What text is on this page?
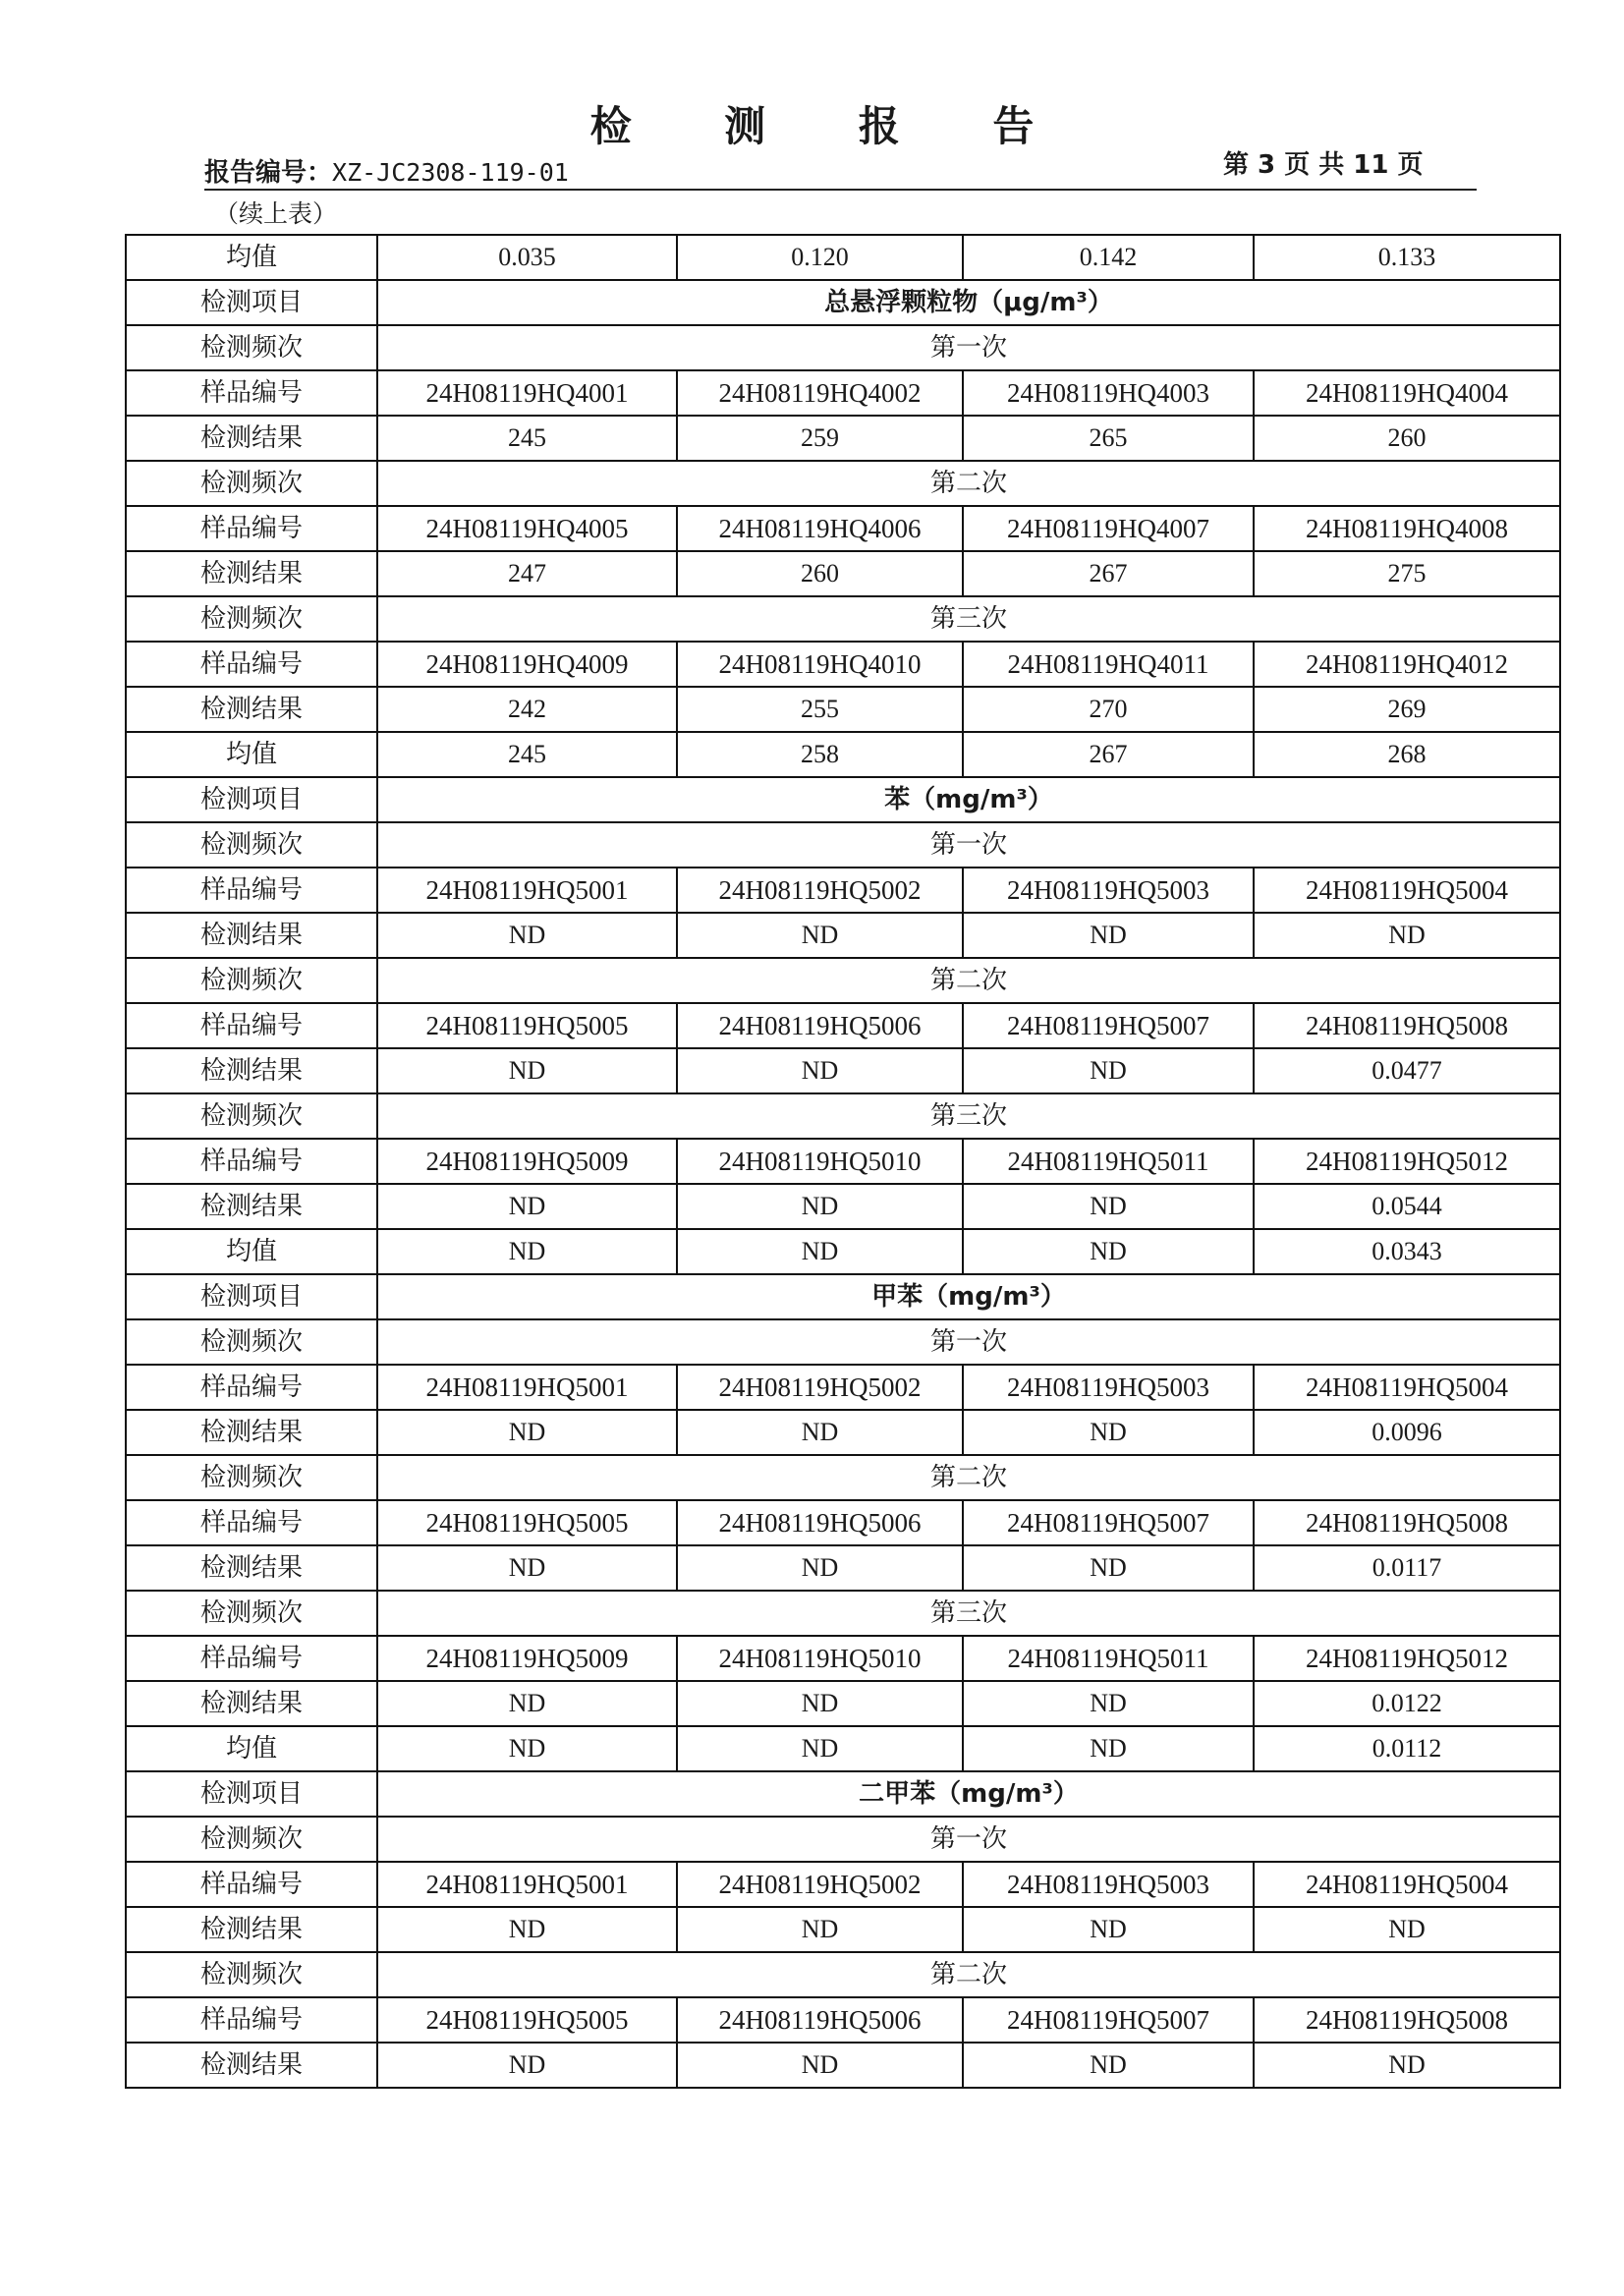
检 测 报 告
报告编号：XZ-JC2308-119-01	第 3 页 共 11 页
（续上表）
均值	0.035	0.120	0.142	0.133
检测项目	总悬浮颗粒物（μg/m³）			
检测频次	第一次			
样品编号	24H08119HQ4001	24H08119HQ4002	24H08119HQ4003	24H08119HQ4004
检测结果	245	259	265	260
检测频次	第二次			
样品编号	24H08119HQ4005	24H08119HQ4006	24H08119HQ4007	24H08119HQ4008
检测结果	247	260	267	275
检测频次	第三次			
样品编号	24H08119HQ4009	24H08119HQ4010	24H08119HQ4011	24H08119HQ4012
检测结果	242	255	270	269
均值	245	258	267	268
检测项目	苯（mg/m³）			
检测频次	第一次			
样品编号	24H08119HQ5001	24H08119HQ5002	24H08119HQ5003	24H08119HQ5004
检测结果	ND	ND	ND	ND
检测频次	第二次			
样品编号	24H08119HQ5005	24H08119HQ5006	24H08119HQ5007	24H08119HQ5008
检测结果	ND	ND	ND	0.0477
检测频次	第三次			
样品编号	24H08119HQ5009	24H08119HQ5010	24H08119HQ5011	24H08119HQ5012
检测结果	ND	ND	ND	0.0544
均值	ND	ND	ND	0.0343
检测项目	甲苯（mg/m³）			
检测频次	第一次			
样品编号	24H08119HQ5001	24H08119HQ5002	24H08119HQ5003	24H08119HQ5004
检测结果	ND	ND	ND	0.0096
检测频次	第二次			
样品编号	24H08119HQ5005	24H08119HQ5006	24H08119HQ5007	24H08119HQ5008
检测结果	ND	ND	ND	0.0117
检测频次	第三次			
样品编号	24H08119HQ5009	24H08119HQ5010	24H08119HQ5011	24H08119HQ5012
检测结果	ND	ND	ND	0.0122
均值	ND	ND	ND	0.0112
检测项目	二甲苯（mg/m³）			
检测频次	第一次			
样品编号	24H08119HQ5001	24H08119HQ5002	24H08119HQ5003	24H08119HQ5004
检测结果	ND	ND	ND	ND
检测频次	第二次			
样品编号	24H08119HQ5005	24H08119HQ5006	24H08119HQ5007	24H08119HQ5008
检测结果	ND	ND	ND	ND
